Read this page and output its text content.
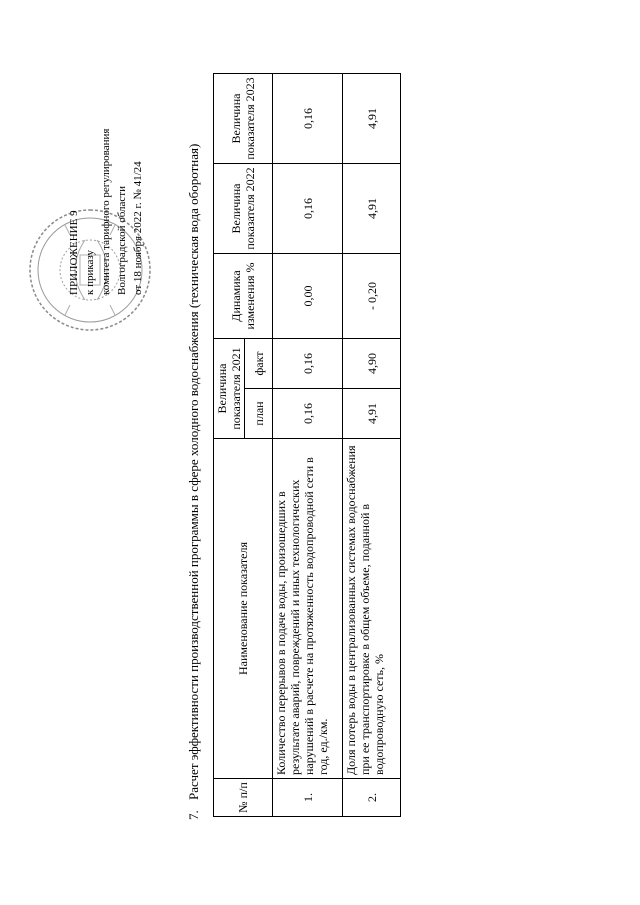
ПРИЛОЖЕНИЕ 9 к приказу комитета тарифного регулирования Волгоградской области от 18 ноября 2022 г. № 41/24
7.Расчет эффективности производственной программы в сфере холодного водоснабжения (техническая вода оборотная)	№ п/п	Наименование показателя	Величина показателя 2021		Динамика изменения %	Величина показателя 2022	Величина показателя 2023
		план	факт			
1.	Количество перерывов в подаче воды, произошедших в результате аварий, повреждений и иных технологических нарушений в расчете на протяженность водопроводной сети в год, ед./км.	0,16	0,16	0,00	0,16	0,16
2.	Доля потерь воды в централизованных системах водоснабжения при ее транспортировке в общем объеме, поданной в водопроводную сеть, %	4,91	4,90	- 0,20	4,91	4,91
